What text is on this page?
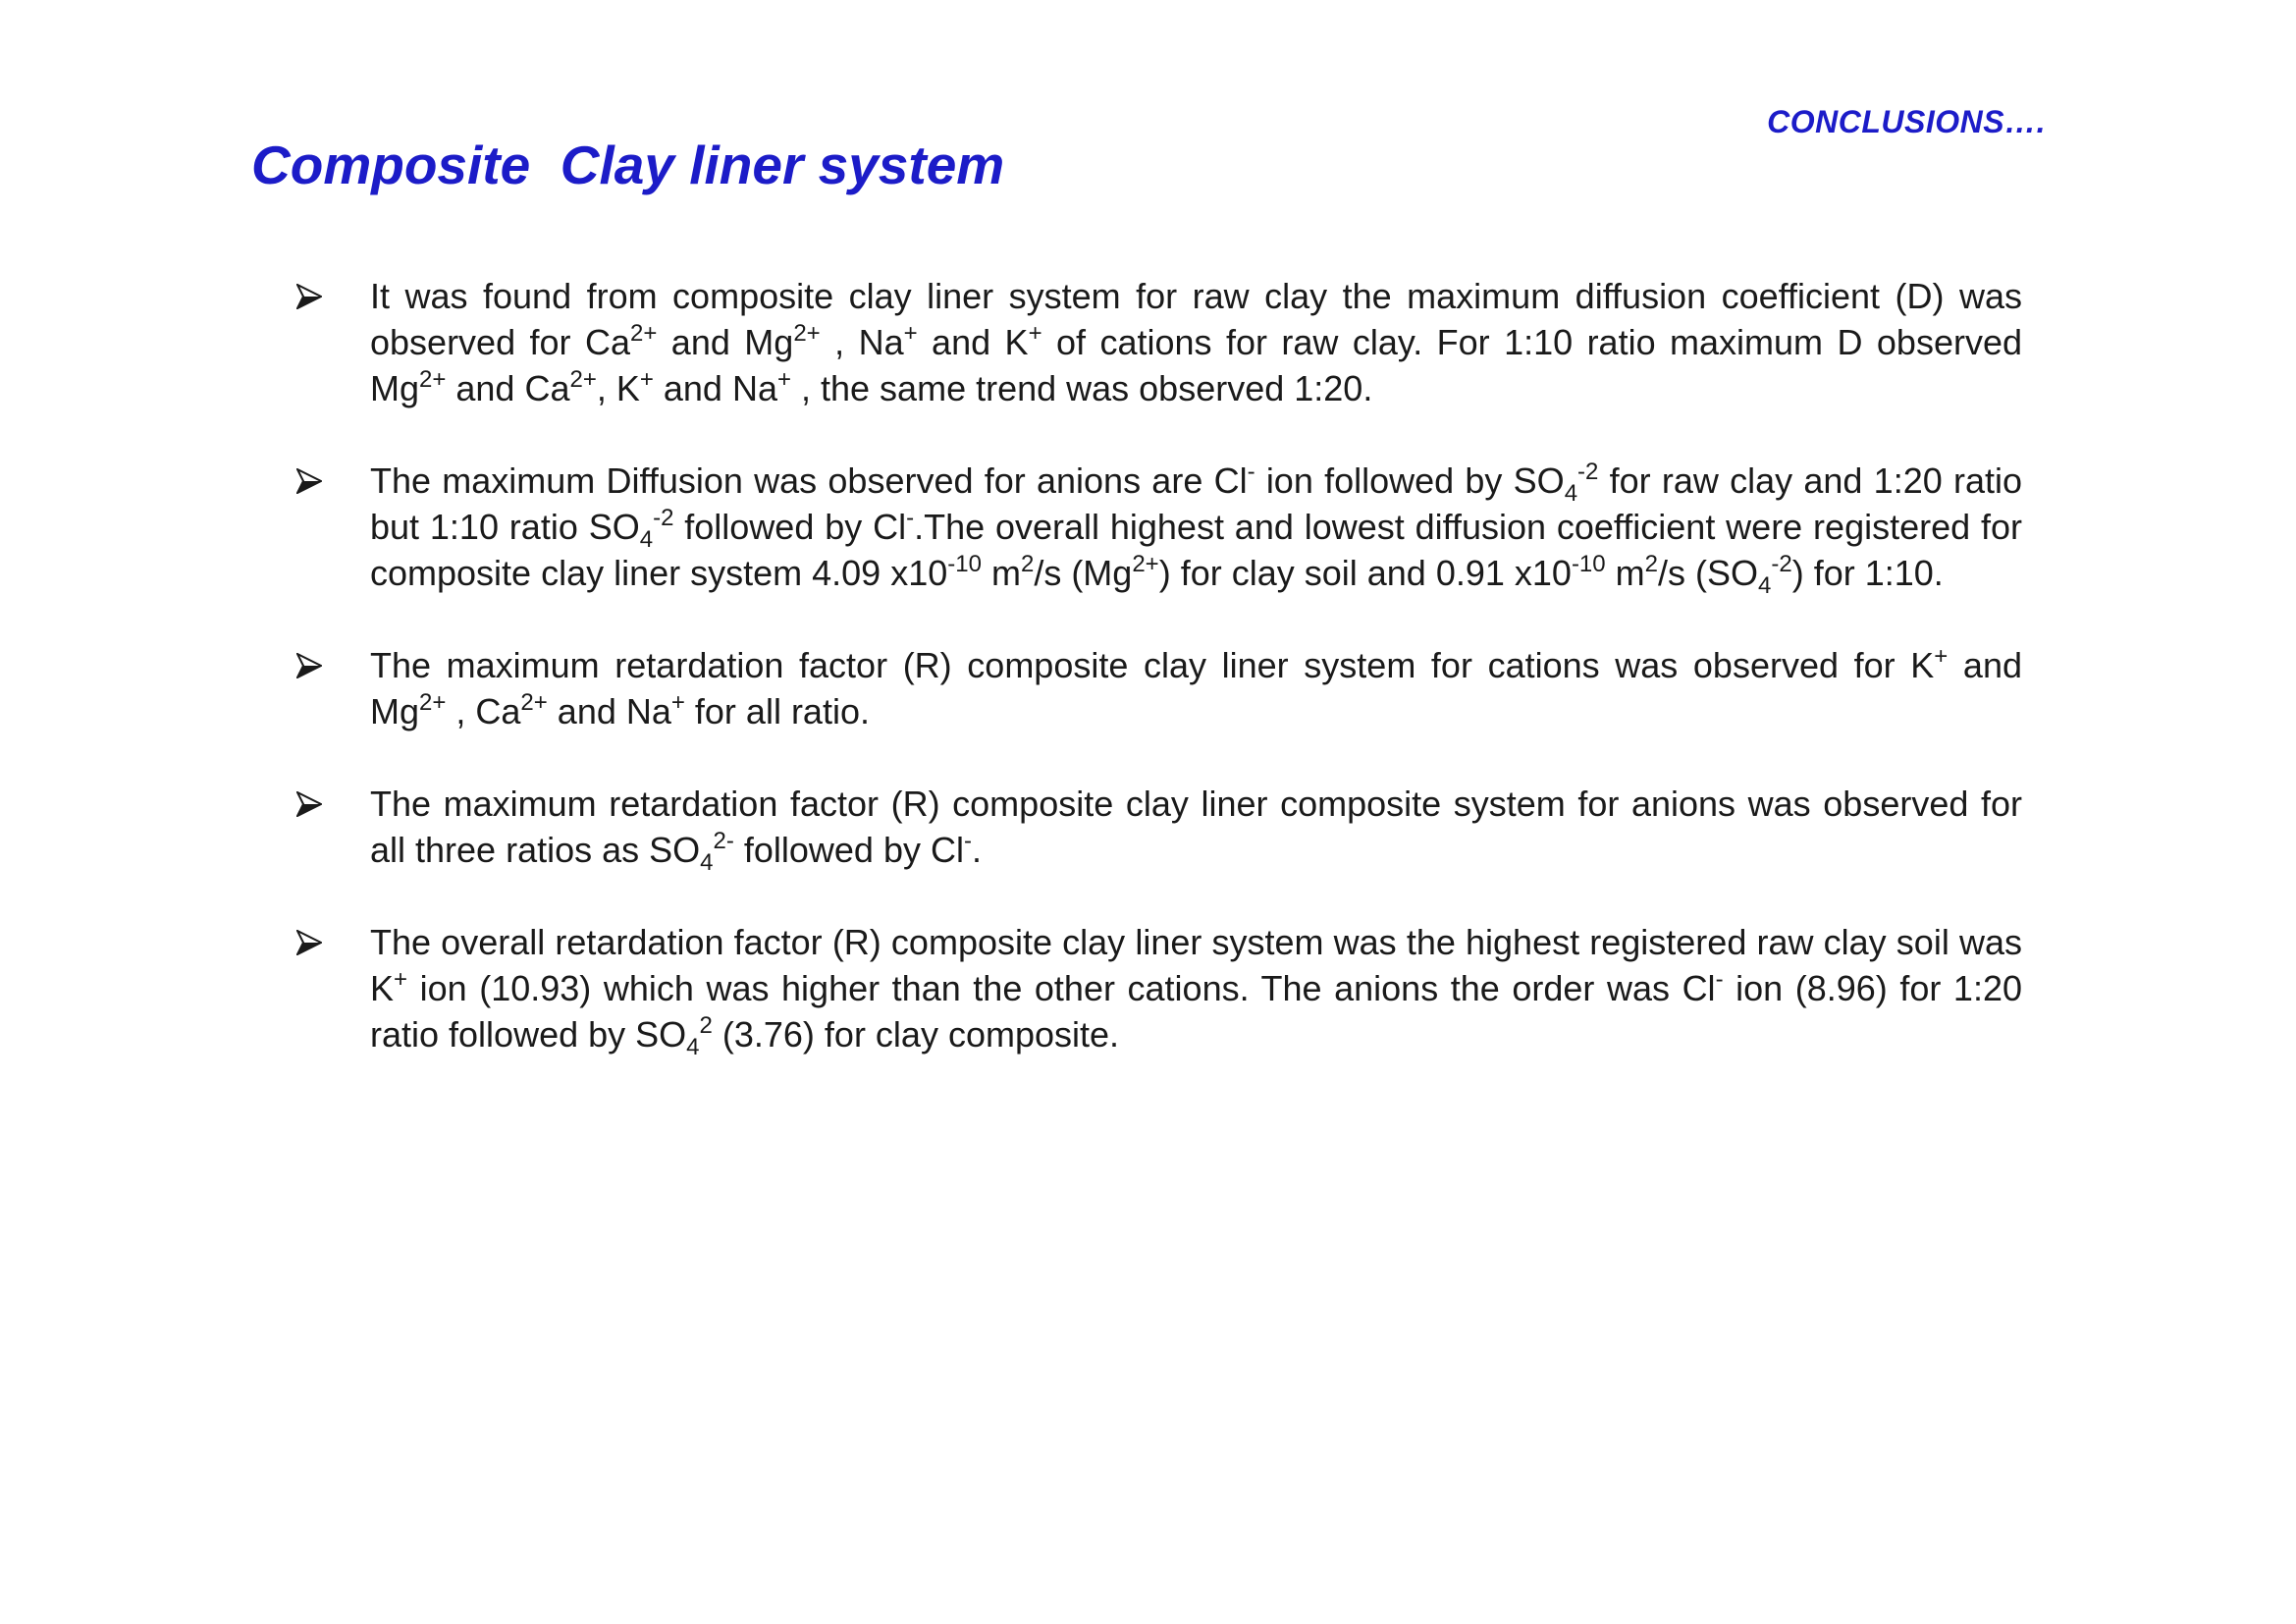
CONCLUSIONS….
Composite  Clay liner system
It was found from composite clay liner system for raw clay the maximum diffusion coefficient (D) was observed for $Ca^{2+}$ and $Mg^{2+}$ , Na+ and K+ of cations for raw clay. For 1:10 ratio maximum D observed $Mg^{2+}$ and $Ca^{2+}$, K+ and Na+ , the same trend was observed 1:20.
The maximum Diffusion was observed for anions are Cl- ion followed by $SO_4^{-2}$ for raw clay and 1:20 ratio but 1:10 ratio $SO_4^{-2}$ followed by Cl-.The overall highest and lowest diffusion coefficient were registered for composite clay liner system 4.09 $x10^{-10}$ $m^2/s$ $(Mg^{2+})$ for clay soil and 0.91 $x10^{-10}$ $m^2/s$ $(SO_4^{-2})$ for 1:10.
The maximum retardation factor (R) composite clay liner system for cations was observed for K+ and $Mg^{2+}$ , $Ca^{2+}$ and Na+ for all ratio.
The maximum retardation factor (R) composite clay liner composite system for anions was observed for all three ratios as $SO_4^{2-}$ followed by Cl-.
The overall retardation factor (R) composite clay liner system was the highest registered raw clay soil was K+ ion (10.93) which was higher than the other cations. The anions the order was Cl- ion (8.96) for 1:20 ratio followed by $SO_4^2$ (3.76) for clay composite.
